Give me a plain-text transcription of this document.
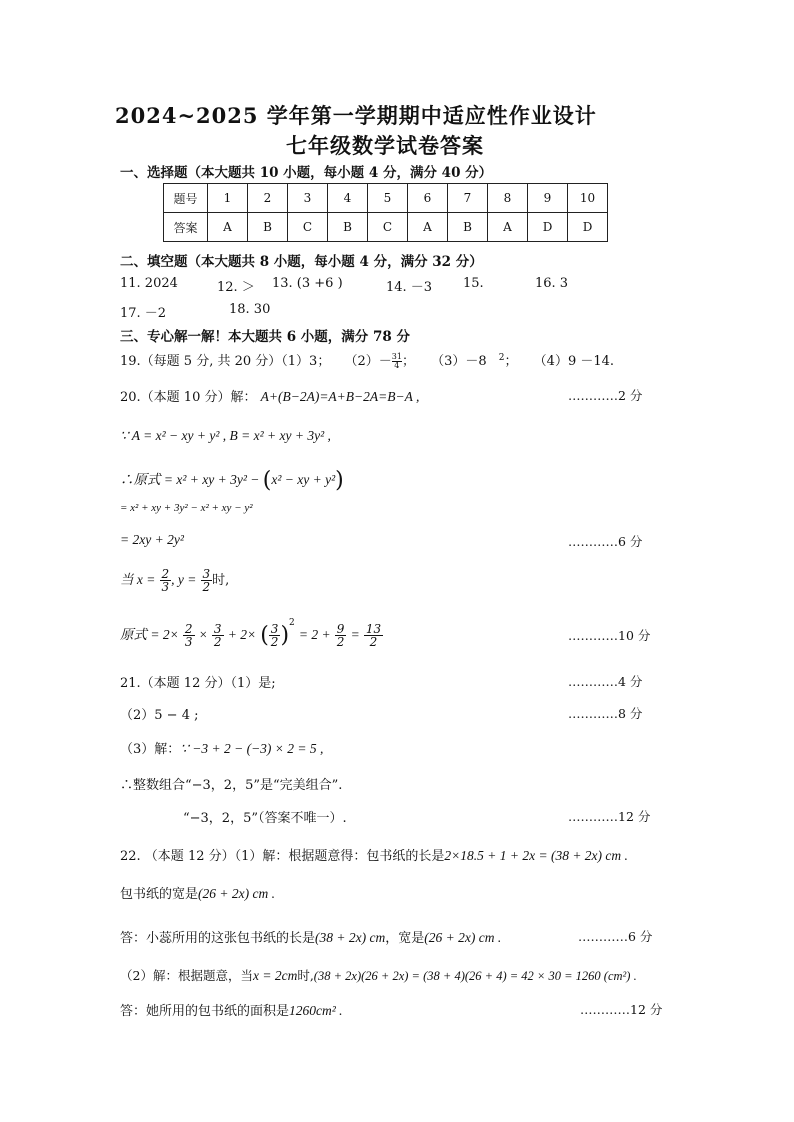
2024~2025 学年第一学期期中适应性作业设计
七年级数学试卷答案
一、选择题（本大题共 10 小题，每小题 4 分，满分 40 分）
题号	1	2	3	4	5	6	7	8	9	10
答案	A	B	C	B	C	A	B	A	D	D
二、填空题（本大题共 8 小题，每小题 4 分，满分 32 分）
11. 2024	12. ＞ 13. (3 +6 )	14. －3 15.	16. 3
17. －2	18. 30
三、专心解一解！本大题共 6 小题，满分 78 分
19.（每题 5 分, 共 20 分）（1）3； $(2)- \frac{31}{4}$ ； （3）－8 $^2$； （4）9 －14.
20.（本题 10 分）解： A+(B−2A)=A+B−2A=B−A ,	…………2 分
∵ A = x² − xy + y² , B = x² + xy + 3y² ,
∴原式 = x² + xy + 3y² − (x² − xy + y²)
= x² + xy + 3y² − x² + xy − y²
= 2xy + 2y²	…………6 分
当 $x = \frac{2}{3}$ , $y = \frac{3}{2}$ 时,
原式 = $2\times \frac{2}{3} \times \frac{3}{2} + 2\times$ ( $\frac{3}{2} )^2 = 2 + \frac{9}{2} = \frac{13}{2}$	…………10 分
21.（本题 12 分）（1）是;	…………4 分
（2）5 − 4 ;	…………8 分
（3）解：∵ −3 + 2 − (−3) × 2 = 5 ,
∴整数组合“−3，2，5”是“完美组合”.
“−3，2，5”（答案不唯一）.	…………12 分
22. （本题 12 分）（1）解：根据题意得：包书纸的长是2×18.5 + 1 + 2x = (38 + 2x) cm .
包书纸的宽是(26 + 2x) cm .
答：小蕊所用的这张包书纸的长是(38 + 2x) cm，宽是(26 + 2x) cm .	…………6 分
（2）解：根据题意，当x = 2cm时,(38 + 2x)(26 + 2x) = (38 + 4)(26 + 4) = 42 × 30 = 1260 (cm²) .
答：她所用的包书纸的面积是1260cm² .	…………12 分
